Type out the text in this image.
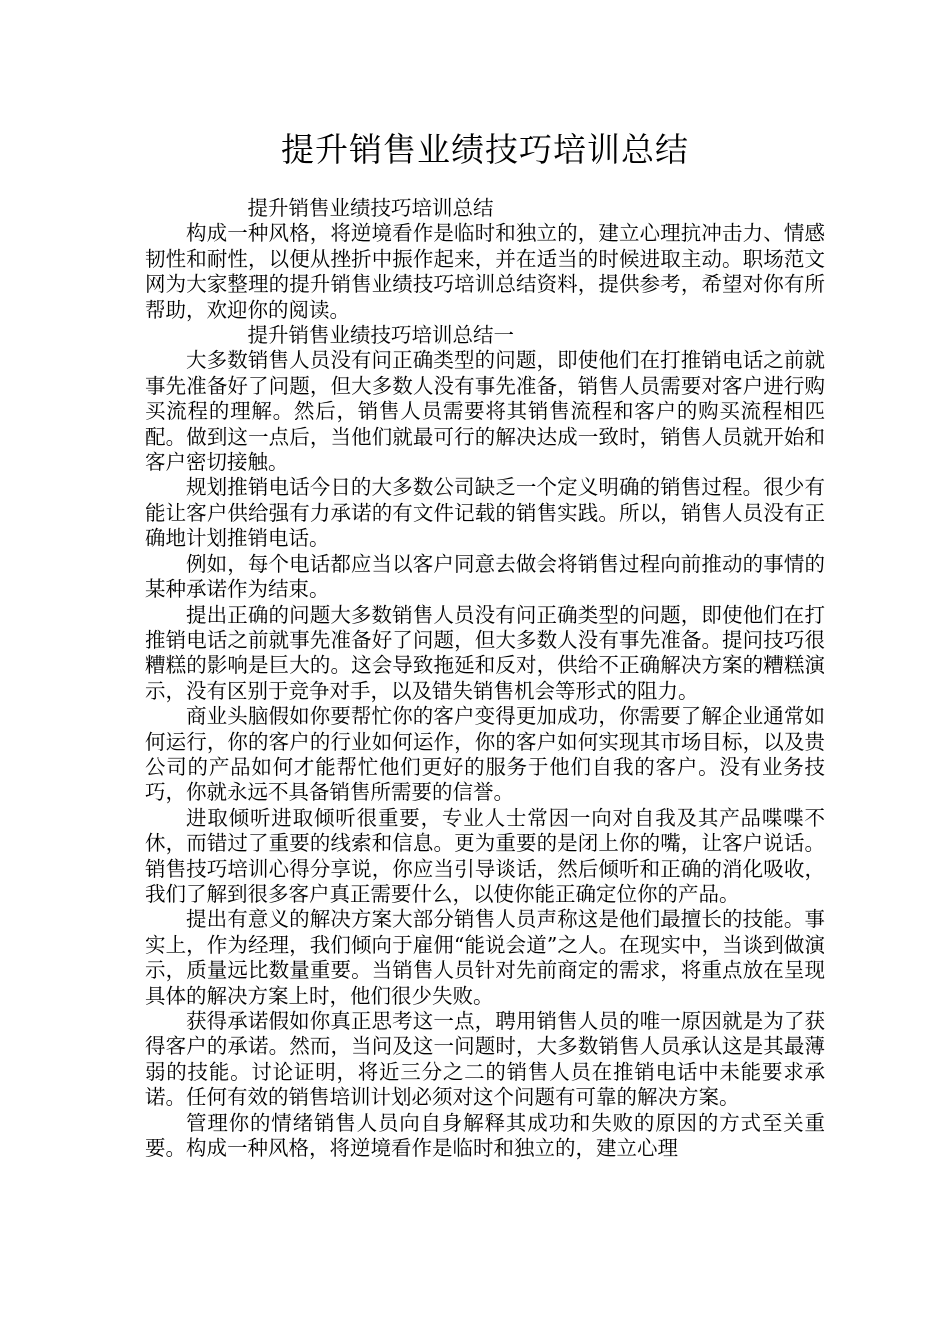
提升销售业绩技巧培训总结

提升销售业绩技巧培训总结

构成一种风格，将逆境看作是临时和独立的，建立心理抗冲击力、情感韧性和耐性，以便从挫折中振作起来，并在适当的时候进取主动。职场范文网为大家整理的提升销售业绩技巧培训总结资料，提供参考，希望对你有所帮助，欢迎你的阅读。

提升销售业绩技巧培训总结一

大多数销售人员没有问正确类型的问题，即使他们在打推销电话之前就事先准备好了问题，但大多数人没有事先准备，销售人员需要对客户进行购买流程的理解。然后，销售人员需要将其销售流程和客户的购买流程相匹配。做到这一点后，当他们就最可行的解决达成一致时，销售人员就开始和客户密切接触。

规划推销电话今日的大多数公司缺乏一个定义明确的销售过程。很少有能让客户供给强有力承诺的有文件记载的销售实践。所以，销售人员没有正确地计划推销电话。

例如，每个电话都应当以客户同意去做会将销售过程向前推动的事情的某种承诺作为结束。

提出正确的问题大多数销售人员没有问正确类型的问题，即使他们在打推销电话之前就事先准备好了问题，但大多数人没有事先准备。提问技巧很糟糕的影响是巨大的。这会导致拖延和反对，供给不正确解决方案的糟糕演示，没有区别于竞争对手，以及错失销售机会等形式的阻力。

商业头脑假如你要帮忙你的客户变得更加成功，你需要了解企业通常如何运行，你的客户的行业如何运作，你的客户如何实现其市场目标，以及贵公司的产品如何才能帮忙他们更好的服务于他们自我的客户。没有业务技巧，你就永远不具备销售所需要的信誉。

进取倾听进取倾听很重要，专业人士常因一向对自我及其产品喋喋不休，而错过了重要的线索和信息。更为重要的是闭上你的嘴，让客户说话。销售技巧培训心得分享说，你应当引导谈话，然后倾听和正确的消化吸收，我们了解到很多客户真正需要什么，以使你能正确定位你的产品。

提出有意义的解决方案大部分销售人员声称这是他们最擅长的技能。事实上，作为经理，我们倾向于雇佣“能说会道”之人。在现实中，当谈到做演示，质量远比数量重要。当销售人员针对先前商定的需求，将重点放在呈现具体的解决方案上时，他们很少失败。

获得承诺假如你真正思考这一点，聘用销售人员的唯一原因就是为了获得客户的承诺。然而，当问及这一问题时，大多数销售人员承认这是其最薄弱的技能。讨论证明，将近三分之二的销售人员在推销电话中未能要求承诺。任何有效的销售培训计划必须对这个问题有可靠的解决方案。

管理你的情绪销售人员向自身解释其成功和失败的原因的方式至关重要。构成一种风格，将逆境看作是临时和独立的，建立心理
